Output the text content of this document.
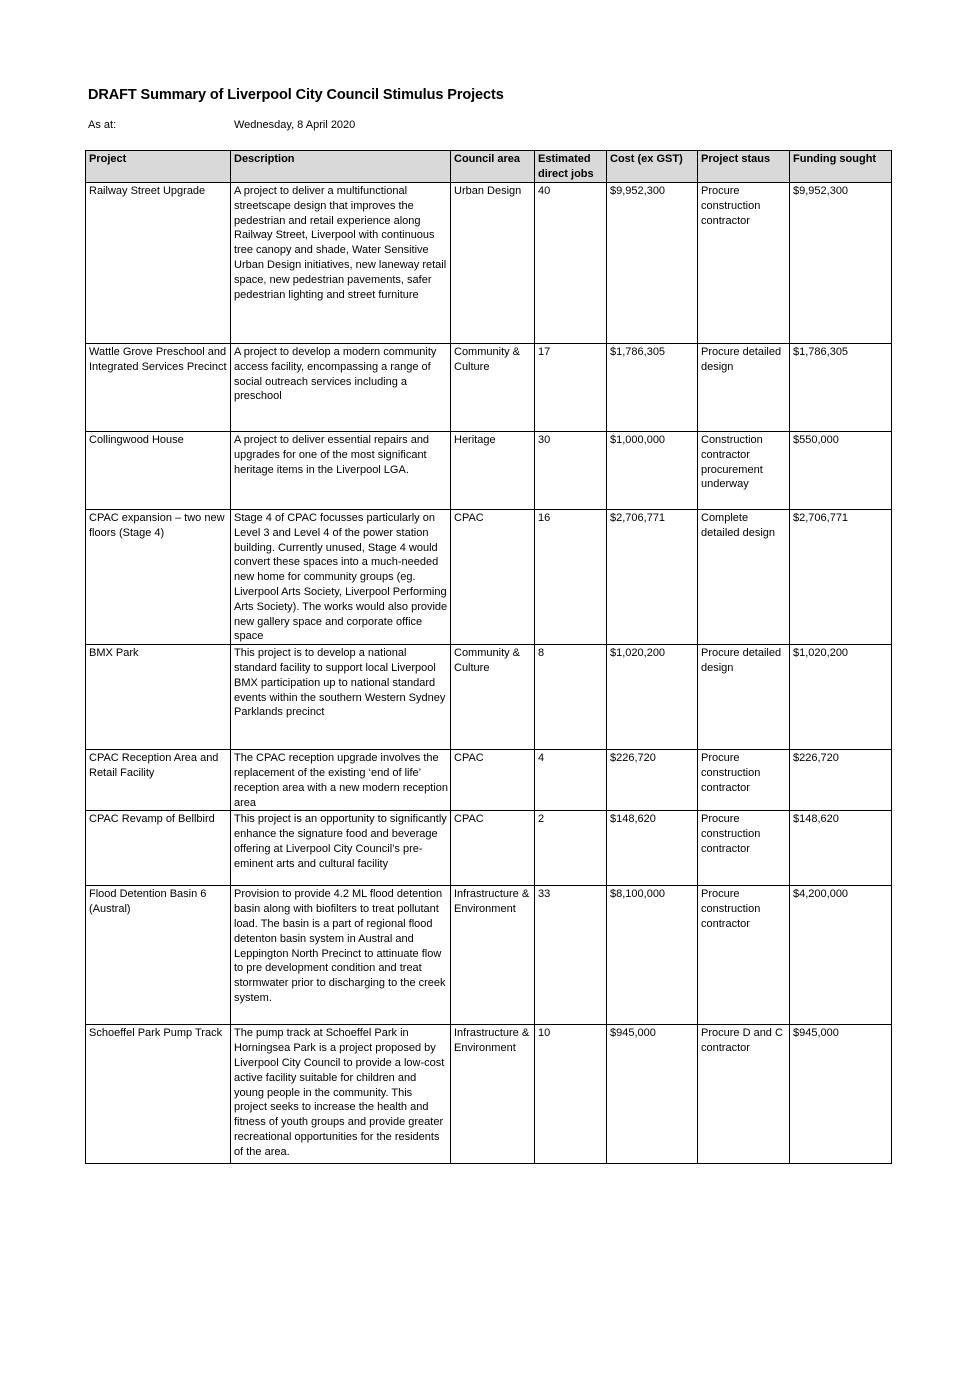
DRAFT Summary of Liverpool City Council Stimulus Projects
As at:	Wednesday, 8 April 2020
Project	Description	Council area	Estimated direct jobs	Cost (ex GST)	Project staus	Funding sought
Railway Street Upgrade	A project to deliver a multifunctional streetscape design that improves the pedestrian and retail experience along Railway Street, Liverpool with continuous tree canopy and shade, Water Sensitive Urban Design initiatives, new laneway retail space, new pedestrian pavements, safer pedestrian lighting and street furniture	Urban Design	40	$9,952,300	Procure construction contractor	$9,952,300
Wattle Grove Preschool and Integrated Services Precinct	A project to develop a modern community access facility, encompassing a range of social outreach services including a preschool	Community & Culture	17	$1,786,305	Procure detailed design	$1,786,305
Collingwood House	A project to deliver essential repairs and upgrades for one of the most significant heritage items in the Liverpool LGA.	Heritage	30	$1,000,000	Construction contractor procurement underway	$550,000
CPAC expansion – two new floors (Stage 4)	Stage 4 of CPAC focusses particularly on Level 3 and Level 4 of the power station building. Currently unused, Stage 4 would convert these spaces into a much-needed new home for community groups (eg. Liverpool Arts Society, Liverpool Performing Arts Society). The works would also provide new gallery space and corporate office space	CPAC	16	$2,706,771	Complete detailed design	$2,706,771
BMX Park	This project is to develop a national standard facility to support local Liverpool BMX participation up to national standard events within the southern Western Sydney Parklands precinct	Community & Culture	8	$1,020,200	Procure detailed design	$1,020,200
CPAC Reception Area and Retail Facility	The CPAC reception upgrade involves the replacement of the existing ‘end of life’ reception area with a new modern reception area	CPAC	4	$226,720	Procure construction contractor	$226,720
CPAC Revamp of Bellbird	This project is an opportunity to significantly enhance the signature food and beverage offering at Liverpool City Council’s pre-eminent arts and cultural facility	CPAC	2	$148,620	Procure construction contractor	$148,620
Flood Detention Basin 6 (Austral)	Provision to provide 4.2 ML flood detention basin along with biofilters to treat pollutant load. The basin is a part of regional flood detenton basin system in Austral and Leppington North Precinct to attinuate flow to pre development condition and treat stormwater prior to discharging to the creek system.	Infrastructure & Environment	33	$8,100,000	Procure construction contractor	$4,200,000
Schoeffel Park Pump Track	The pump track at Schoeffel Park in Horningsea Park is a project proposed by Liverpool City Council to provide a low-cost active facility suitable for children and young people in the community. This project seeks to increase the health and fitness of youth groups and provide greater recreational opportunities for the residents of the area.	Infrastructure & Environment	10	$945,000	Procure D and C contractor	$945,000
